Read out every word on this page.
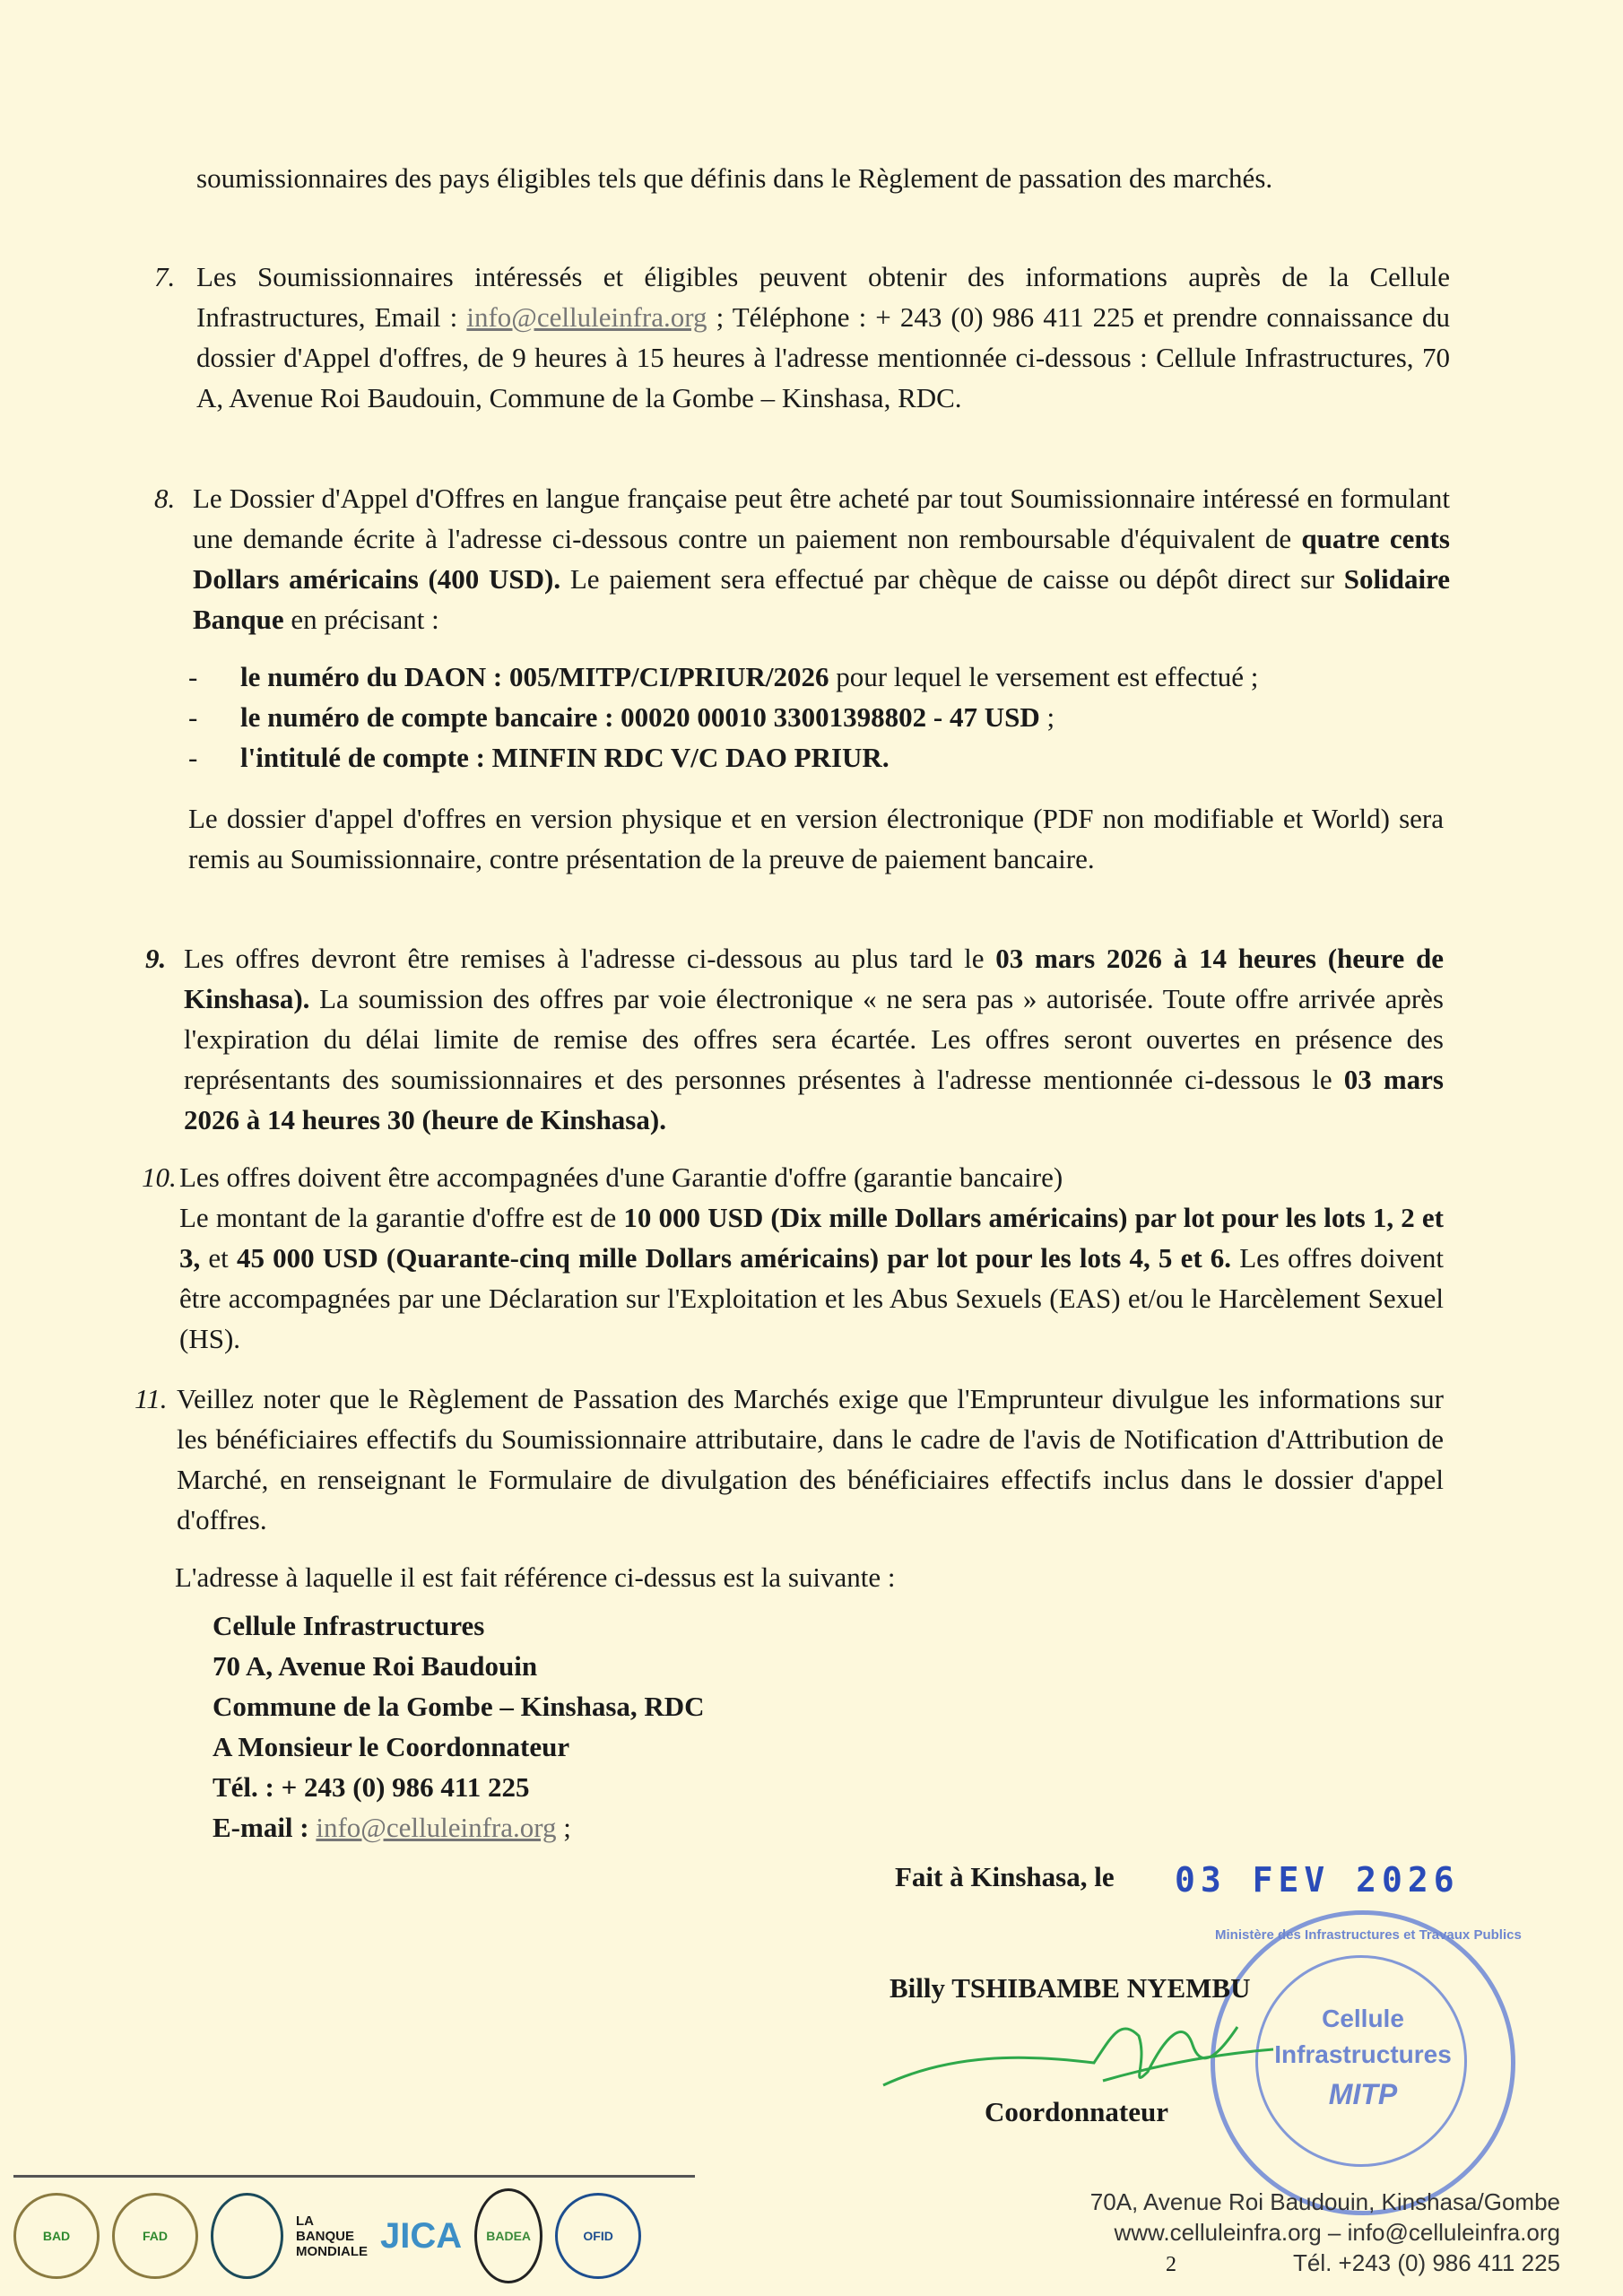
soumissionnaires des pays éligibles tels que définis dans le Règlement de passation des marchés.
7. Les Soumissionnaires intéressés et éligibles peuvent obtenir des informations auprès de la Cellule Infrastructures, Email : info@celluleinfra.org ; Téléphone : + 243 (0) 986 411 225 et prendre connaissance du dossier d'Appel d'offres, de 9 heures à 15 heures à l'adresse mentionnée ci-dessous : Cellule Infrastructures, 70 A, Avenue Roi Baudouin, Commune de la Gombe – Kinshasa, RDC.
8. Le Dossier d'Appel d'Offres en langue française peut être acheté par tout Soumissionnaire intéressé en formulant une demande écrite à l'adresse ci-dessous contre un paiement non remboursable d'équivalent de quatre cents Dollars américains (400 USD). Le paiement sera effectué par chèque de caisse ou dépôt direct sur Solidaire Banque en précisant :
- le numéro du DAON : 005/MITP/CI/PRIUR/2026 pour lequel le versement est effectué ;
- le numéro de compte bancaire : 00020 00010 33001398802 - 47 USD ;
- l'intitulé de compte : MINFIN RDC V/C DAO PRIUR.
Le dossier d'appel d'offres en version physique et en version électronique (PDF non modifiable et World) sera remis au Soumissionnaire, contre présentation de la preuve de paiement bancaire.
9. Les offres devront être remises à l'adresse ci-dessous au plus tard le 03 mars 2026 à 14 heures (heure de Kinshasa). La soumission des offres par voie électronique « ne sera pas » autorisée. Toute offre arrivée après l'expiration du délai limite de remise des offres sera écartée. Les offres seront ouvertes en présence des représentants des soumissionnaires et des personnes présentes à l'adresse mentionnée ci-dessous le 03 mars 2026 à 14 heures 30 (heure de Kinshasa).
10. Les offres doivent être accompagnées d'une Garantie d'offre (garantie bancaire)
Le montant de la garantie d'offre est de 10 000 USD (Dix mille Dollars américains) par lot pour les lots 1, 2 et 3, et 45 000 USD (Quarante-cinq mille Dollars américains) par lot pour les lots 4, 5 et 6. Les offres doivent être accompagnées par une Déclaration sur l'Exploitation et les Abus Sexuels (EAS) et/ou le Harcèlement Sexuel (HS).
11. Veillez noter que le Règlement de Passation des Marchés exige que l'Emprunteur divulgue les informations sur les bénéficiaires effectifs du Soumissionnaire attributaire, dans le cadre de l'avis de Notification d'Attribution de Marché, en renseignant le Formulaire de divulgation des bénéficiaires effectifs inclus dans le dossier d'appel d'offres.
L'adresse à laquelle il est fait référence ci-dessus est la suivante :
Cellule Infrastructures
70 A, Avenue Roi Baudouin
Commune de la Gombe – Kinshasa, RDC
A Monsieur le Coordonnateur
Tél. : + 243 (0) 986 411 225
E-mail : info@celluleinfra.org ;
Fait à Kinshasa, le 03 FEV 2026
Ministère des Infrastructures et Travaux Publics
Cellule
Infrastructures
MITP
Billy TSHIBAMBE NYEMBU
Coordonnateur
BAD	FAD
LA BANQUE MONDIALE JICA BADEA	OFID
70A, Avenue Roi Baudouin, Kinshasa/Gombe
www.celluleinfra.org – info@celluleinfra.org
Tél. +243 (0) 986 411 225
2
